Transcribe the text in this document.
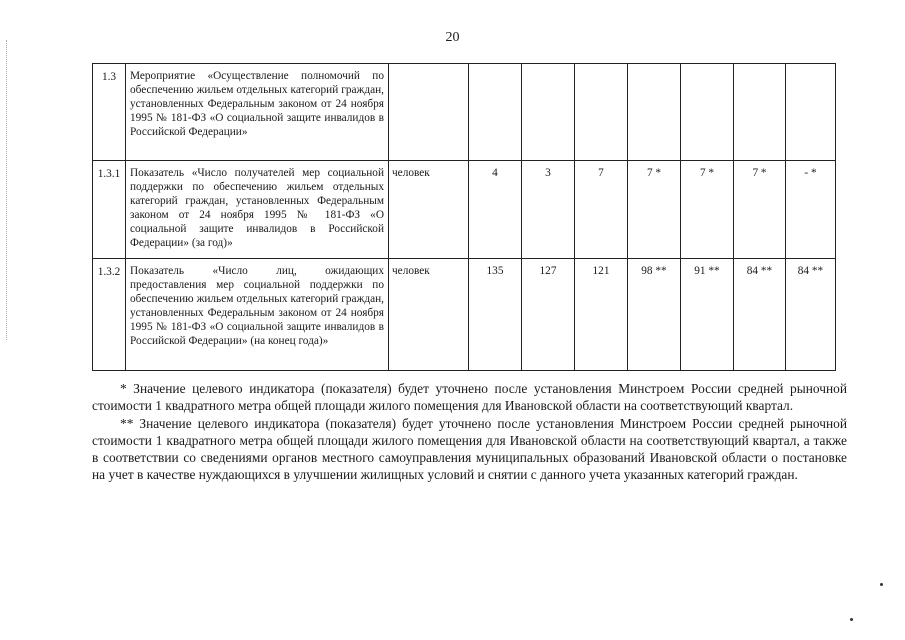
20
1.3	Мероприятие «Осуществление полномочий по обеспечению жильем отдельных категорий граждан, установленных Федеральным законом от 24 ноября 1995 № 181-ФЗ «О социальной защите инвалидов в Российской Федерации»								
1.3.1	Показатель «Число получателей мер социальной поддержки по обеспечению жильем отдельных категорий граждан, установленных Федеральным законом от 24 ноября 1995 № 181-ФЗ «О социальной защите инвалидов в Российской Федерации» (за год)»	человек	4	3	7	7 *	7 *	7 *	- *
1.3.2	Показатель «Число лиц, ожидающих предоставления мер социальной поддержки по обеспечению жильем отдельных категорий граждан, установленных Федеральным законом от 24 ноября 1995 № 181-ФЗ «О социальной защите инвалидов в Российской Федерации» (на конец года)»	человек	135	127	121	98 **	91 **	84 **	84 **

* Значение целевого индикатора (показателя) будет уточнено после установления Минстроем России средней рыночной стоимости 1 квадратного метра общей площади жилого помещения для Ивановской области на соответствующий квартал.

** Значение целевого индикатора (показателя) будет уточнено после установления Минстроем России средней рыночной стоимости 1 квадратного метра общей площади жилого помещения для Ивановской области на соответствующий квартал, а также в соответствии со сведениями органов местного самоуправления муниципальных образований Ивановской области о постановке на учет в качестве нуждающихся в улучшении жилищных условий и снятии с данного учета указанных категорий граждан.
